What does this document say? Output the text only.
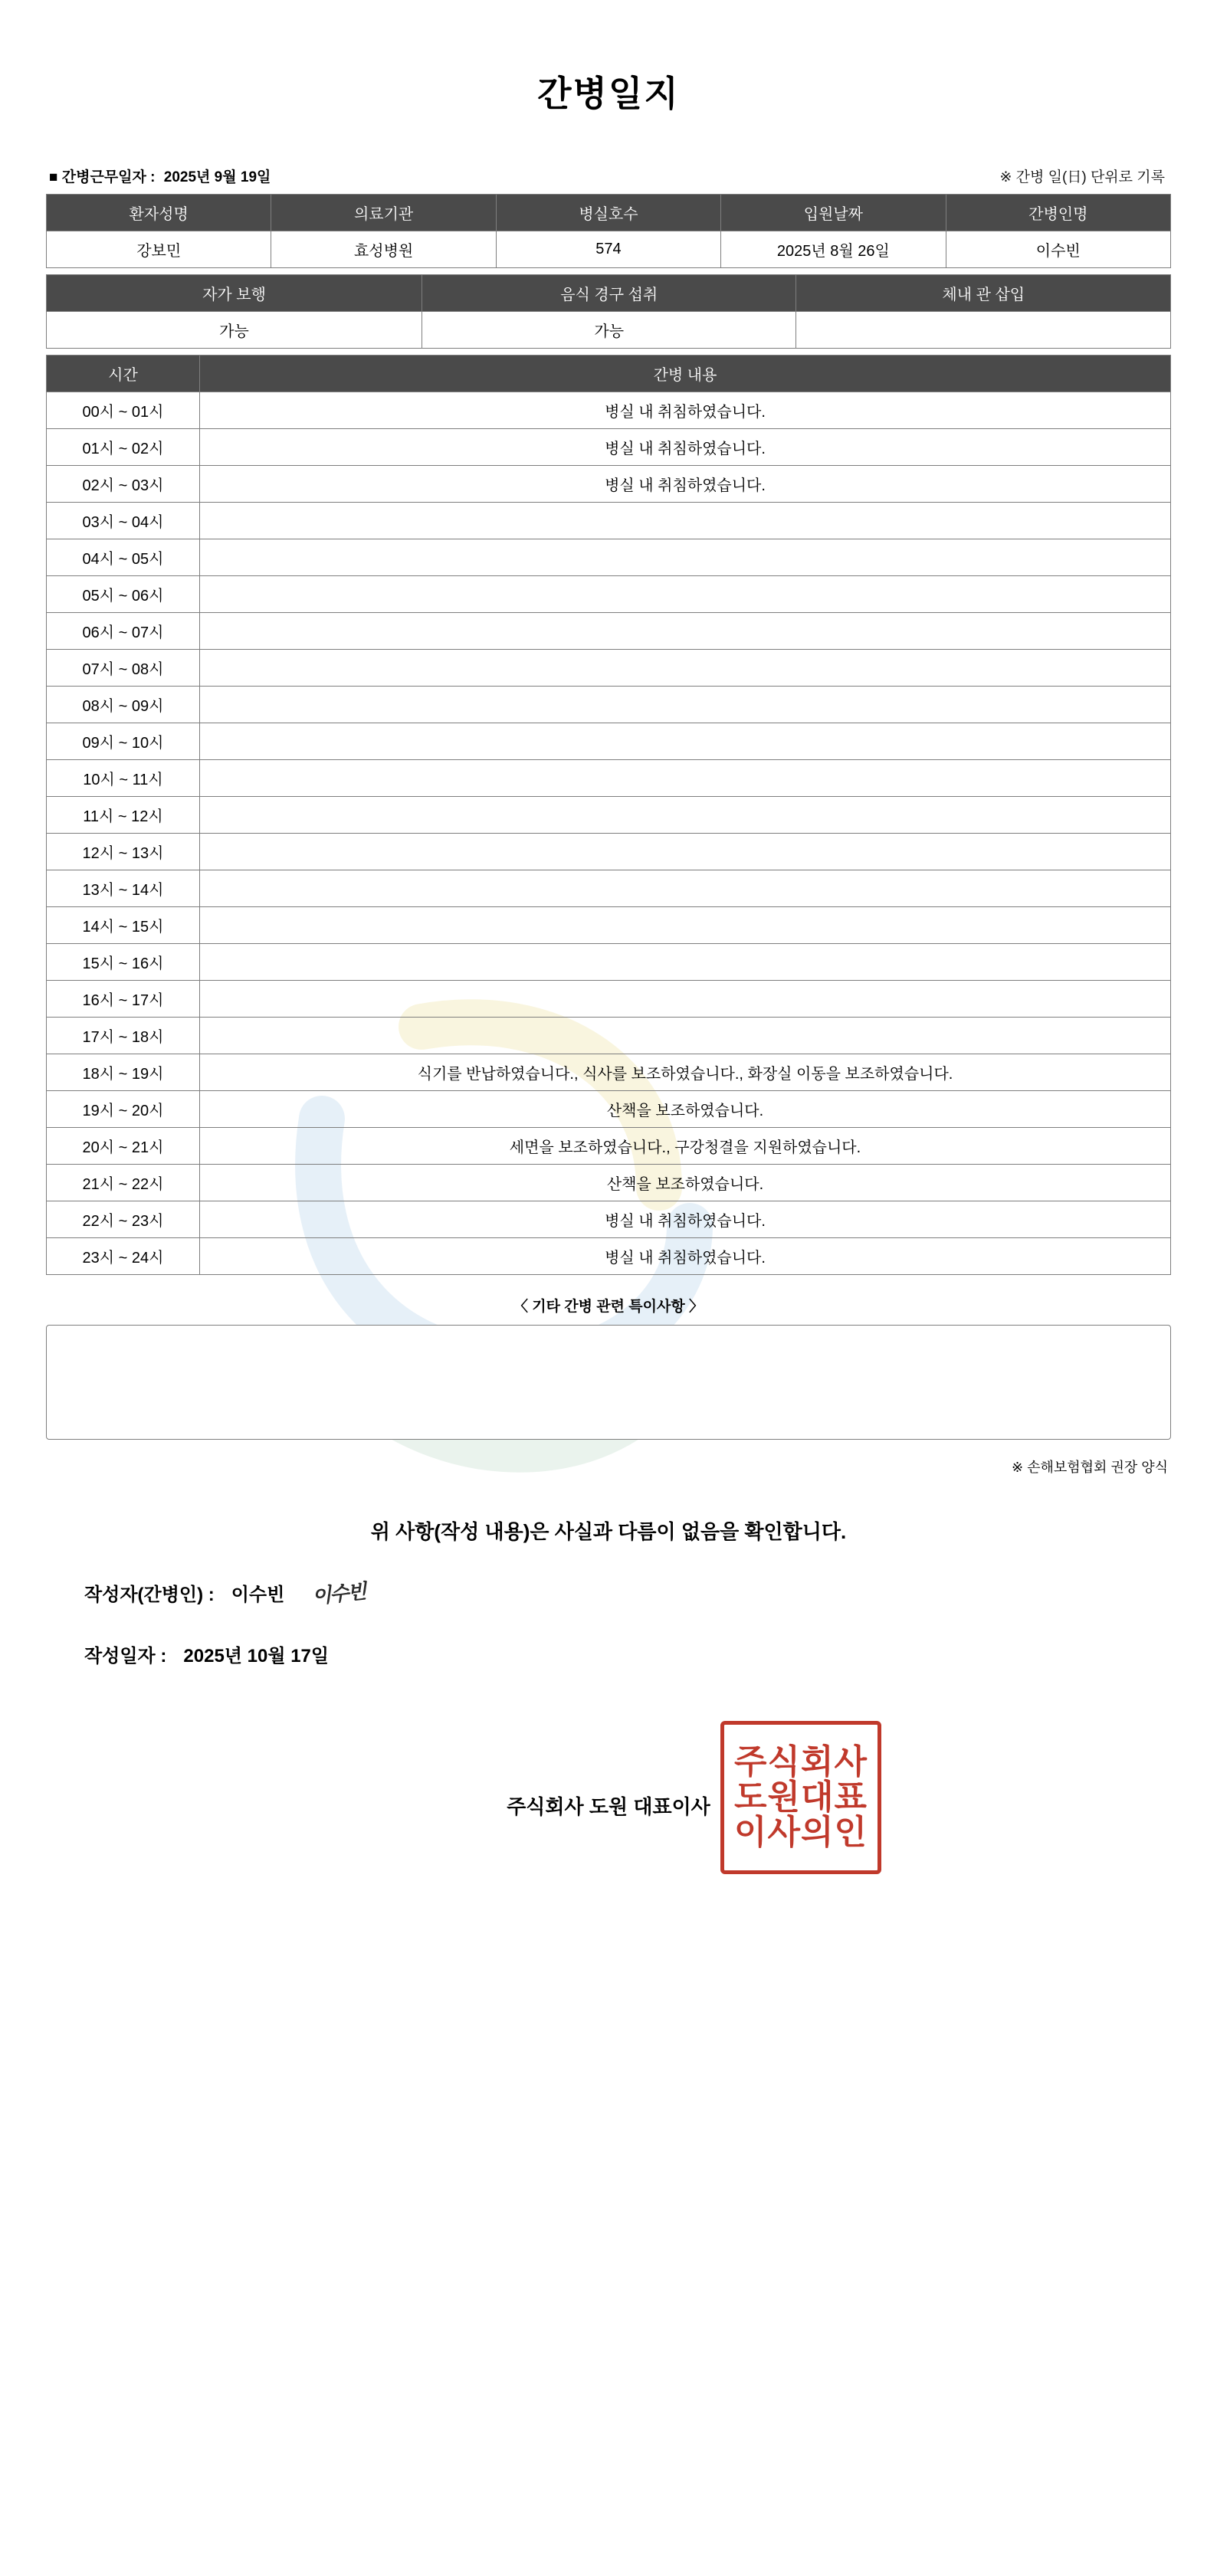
간병일지
■ 간병근무일자 : 2025년 9월 19일	※ 간병 일(日) 단위로 기록
환자성명	의료기관	병실호수	입원날짜	간병인명
강보민	효성병원	574	2025년 8월 26일	이수빈
자가 보행	음식 경구 섭취	체내 관 삽입
가능	가능	
시간	간병 내용
00시 ~ 01시	병실 내 취침하였습니다.
01시 ~ 02시	병실 내 취침하였습니다.
02시 ~ 03시	병실 내 취침하였습니다.
03시 ~ 04시	
04시 ~ 05시	
05시 ~ 06시	
06시 ~ 07시	
07시 ~ 08시	
08시 ~ 09시	
09시 ~ 10시	
10시 ~ 11시	
11시 ~ 12시	
12시 ~ 13시	
13시 ~ 14시	
14시 ~ 15시	
15시 ~ 16시	
16시 ~ 17시	
17시 ~ 18시	
18시 ~ 19시	식기를 반납하였습니다., 식사를 보조하였습니다., 화장실 이동을 보조하였습니다.
19시 ~ 20시	산책을 보조하였습니다.
20시 ~ 21시	세면을 보조하였습니다., 구강청결을 지원하였습니다.
21시 ~ 22시	산책을 보조하였습니다.
22시 ~ 23시	병실 내 취침하였습니다.
23시 ~ 24시	병실 내 취침하였습니다.
〈 기타 간병 관련 특이사항 〉
※ 손해보험협회 권장 양식
위 사항(작성 내용)은 사실과 다름이 없음을 확인합니다.
작성자(간병인) : 이수빈 이수빈
작성일자 : 2025년 10월 17일
주식회사 도원 대표이사
주식회사
도원대표
이사의인
